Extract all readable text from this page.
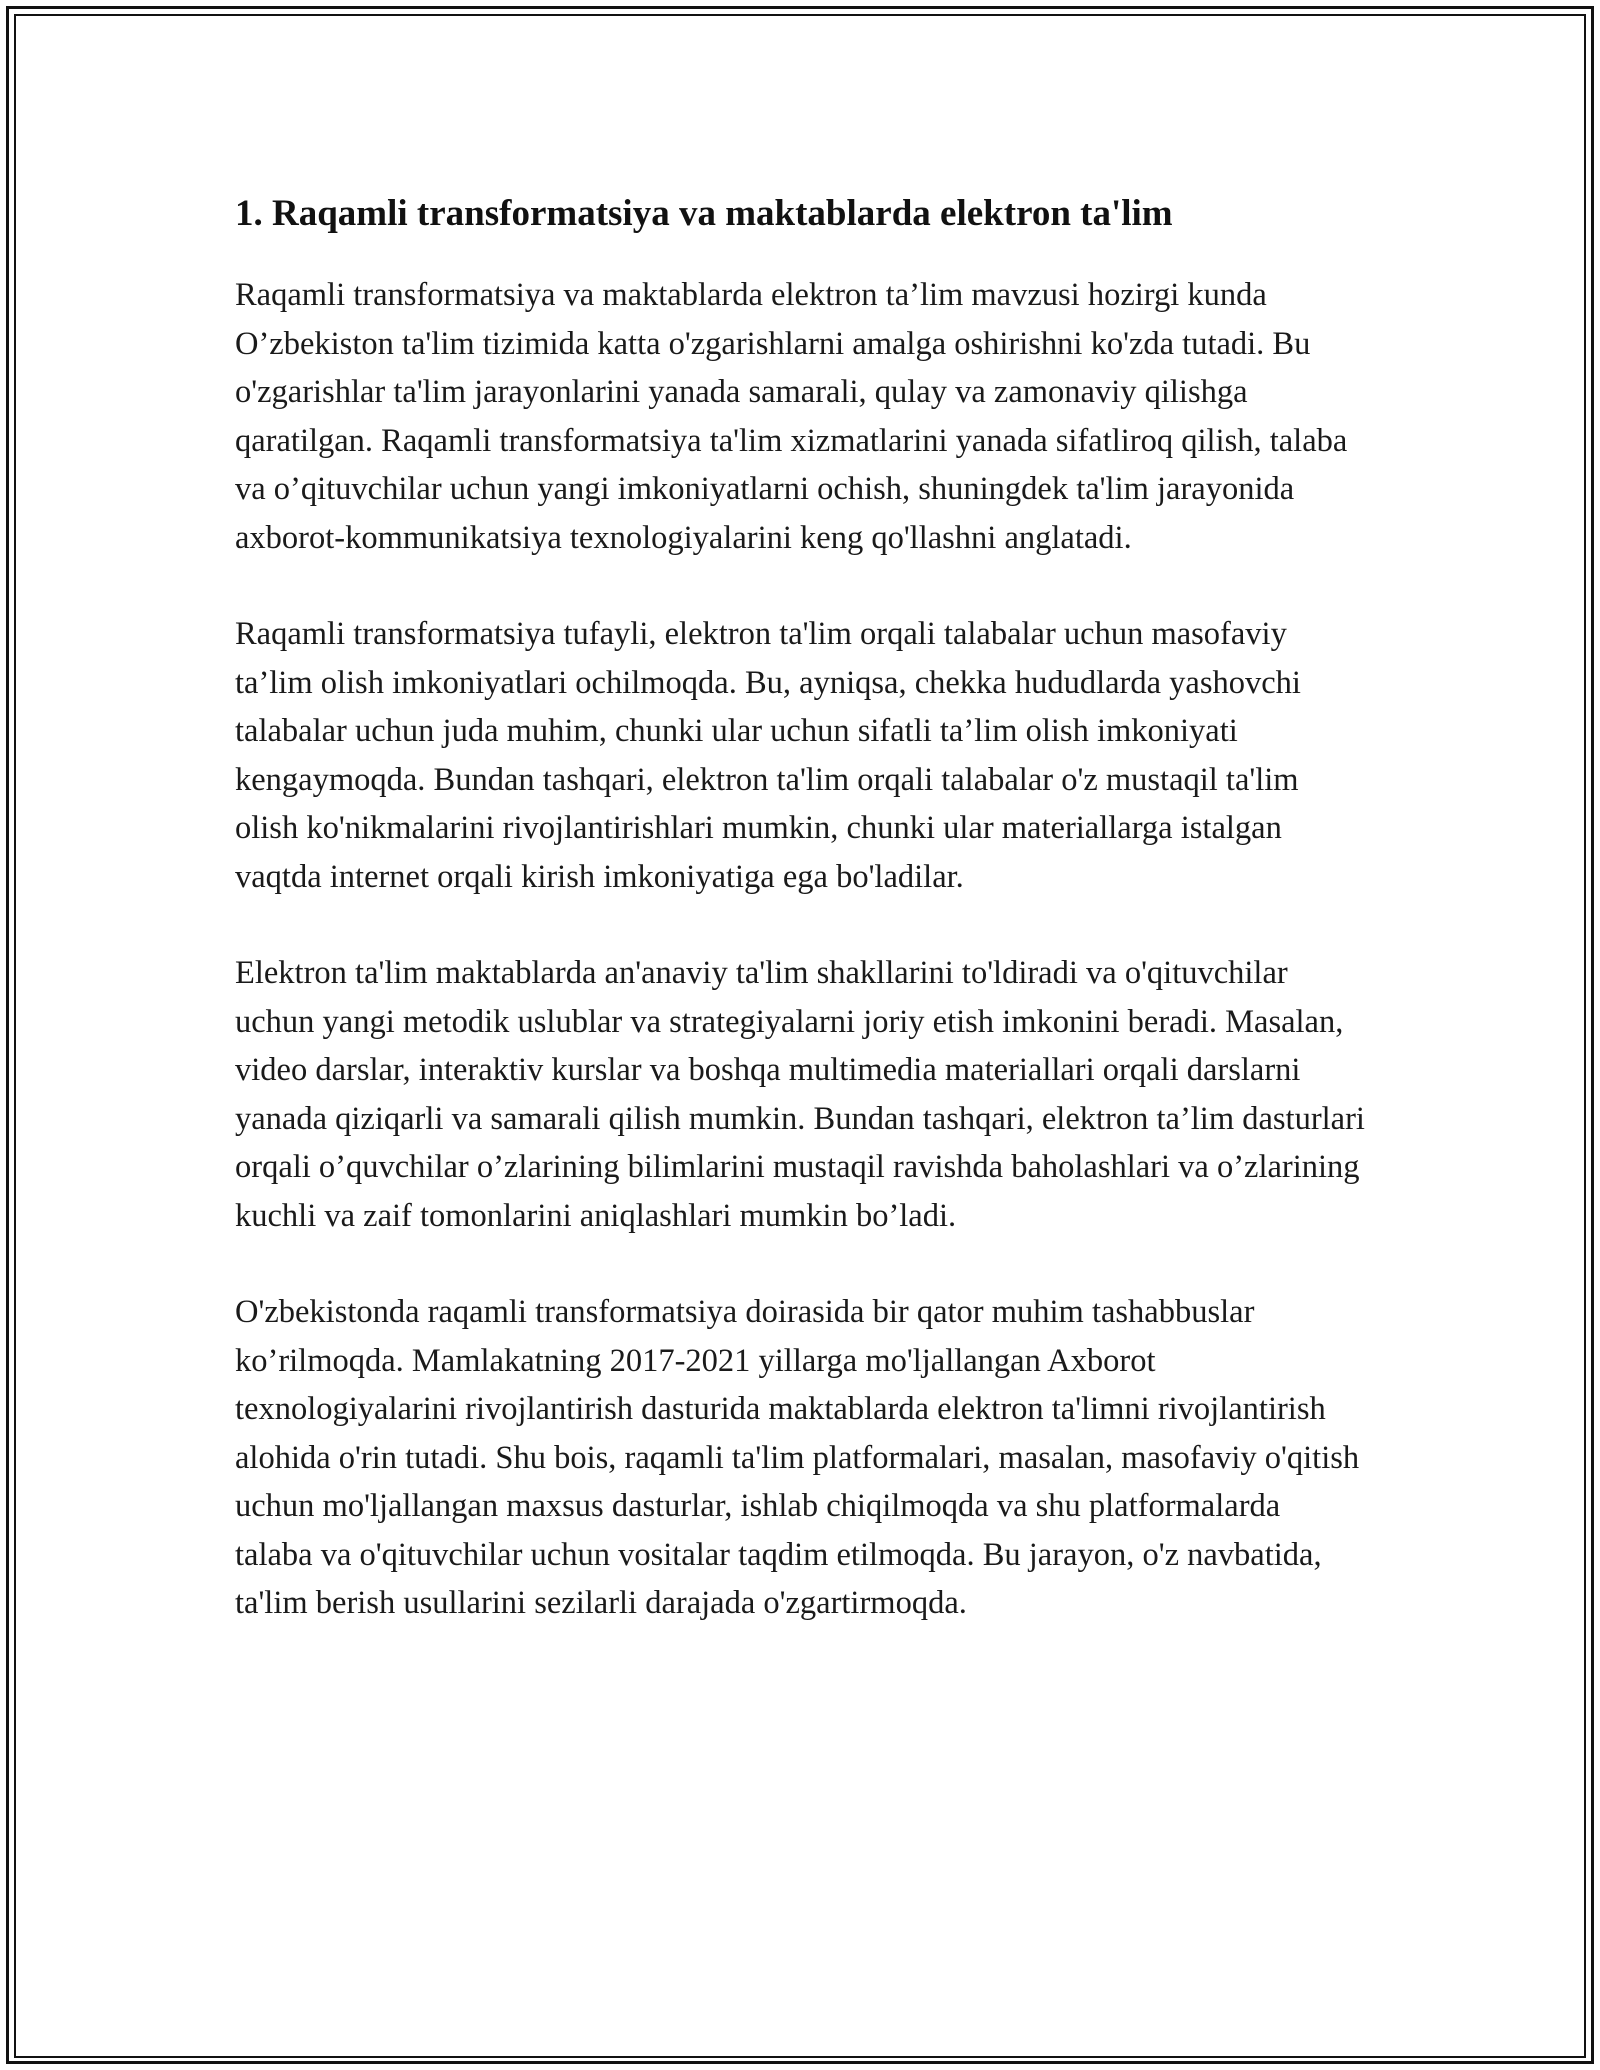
1. Raqamli transformatsiya va maktablarda elektron ta'lim

Raqamli transformatsiya va maktablarda elektron ta’lim mavzusi hozirgi kunda O’zbekiston ta'lim tizimida katta o'zgarishlarni amalga oshirishni ko'zda tutadi. Bu o'zgarishlar ta'lim jarayonlarini yanada samarali, qulay va zamonaviy qilishga qaratilgan. Raqamli transformatsiya ta'lim xizmatlarini yanada sifatliroq qilish, talaba va o’qituvchilar uchun yangi imkoniyatlarni ochish, shuningdek ta'lim jarayonida axborot-kommunikatsiya texnologiyalarini keng qo'llashni anglatadi.

Raqamli transformatsiya tufayli, elektron ta'lim orqali talabalar uchun masofaviy ta’lim olish imkoniyatlari ochilmoqda. Bu, ayniqsa, chekka hududlarda yashovchi talabalar uchun juda muhim, chunki ular uchun sifatli ta’lim olish imkoniyati kengaymoqda. Bundan tashqari, elektron ta'lim orqali talabalar o'z mustaqil ta'lim olish ko'nikmalarini rivojlantirishlari mumkin, chunki ular materiallarga istalgan vaqtda internet orqali kirish imkoniyatiga ega bo'ladilar.

Elektron ta'lim maktablarda an'anaviy ta'lim shakllarini to'ldiradi va o'qituvchilar uchun yangi metodik uslublar va strategiyalarni joriy etish imkonini beradi. Masalan, video darslar, interaktiv kurslar va boshqa multimedia materiallari orqali darslarni yanada qiziqarli va samarali qilish mumkin. Bundan tashqari, elektron ta’lim dasturlari orqali o’quvchilar o’zlarining bilimlarini mustaqil ravishda baholashlari va o’zlarining kuchli va zaif tomonlarini aniqlashlari mumkin bo’ladi.

O'zbekistonda raqamli transformatsiya doirasida bir qator muhim tashabbuslar ko’rilmoqda. Mamlakatning 2017-2021 yillarga mo'ljallangan Axborot texnologiyalarini rivojlantirish dasturida maktablarda elektron ta'limni rivojlantirish alohida o'rin tutadi. Shu bois, raqamli ta'lim platformalari, masalan, masofaviy o'qitish uchun mo'ljallangan maxsus dasturlar, ishlab chiqilmoqda va shu platformalarda talaba va o'qituvchilar uchun vositalar taqdim etilmoqda. Bu jarayon, o'z navbatida, ta'lim berish usullarini sezilarli darajada o'zgartirmoqda.
